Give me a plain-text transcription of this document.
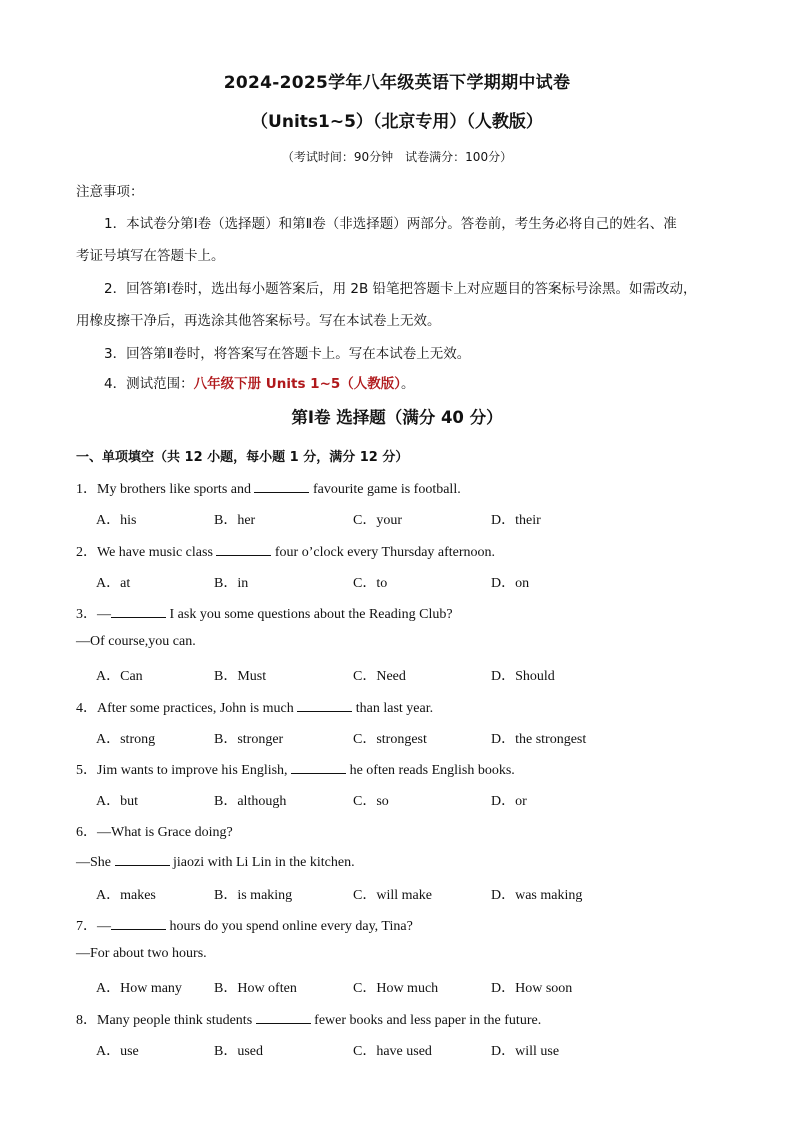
2024-2025学年八年级英语下学期期中试卷
（Units1~5）（北京专用）（人教版）
（考试时间：90分钟　试卷满分：100分）
注意事项：
1．本试卷分第Ⅰ卷（选择题）和第Ⅱ卷（非选择题）两部分。答卷前，考生务必将自己的姓名、准
考证号填写在答题卡上。
2．回答第Ⅰ卷时，选出每小题答案后，用 2B 铅笔把答题卡上对应题目的答案标号涂黑。如需改动，
用橡皮擦干净后，再选涂其他答案标号。写在本试卷上无效。
3．回答第Ⅱ卷时，将答案写在答题卡上。写在本试卷上无效。
4．测试范围：八年级下册 Units 1~5（人教版）。
第Ⅰ卷 选择题（满分 40 分）
一、单项填空（共 12 小题，每小题 1 分，满分 12 分）
1．My brothers like sports and	favourite game is football.
A．his	B．her	C．your	D．their
2．We have music class	four o’clock every Thursday afternoon.
A．at	B．in	C．to	D．on
3．—	I ask you some questions about the Reading Club?
—Of course,you can.
A．Can	B．Must	C．Need	D．Should
4．After some practices, John is much	than last year.
A．strong	B．stronger	C．strongest	D．the strongest
5．Jim wants to improve his English,	he often reads English books.
A．but	B．although	C．so	D．or
6．—What is Grace doing?
—She	jiaozi with Li Lin in the kitchen.
A．makes	B．is making	C．will make	D．was making
7．—	hours do you spend online every day, Tina?
—For about two hours.
A．How many B．How often	C．How much	D．How soon
8．Many people think students	fewer books and less paper in the future.
A．use	B．used	C．have used	D．will use
